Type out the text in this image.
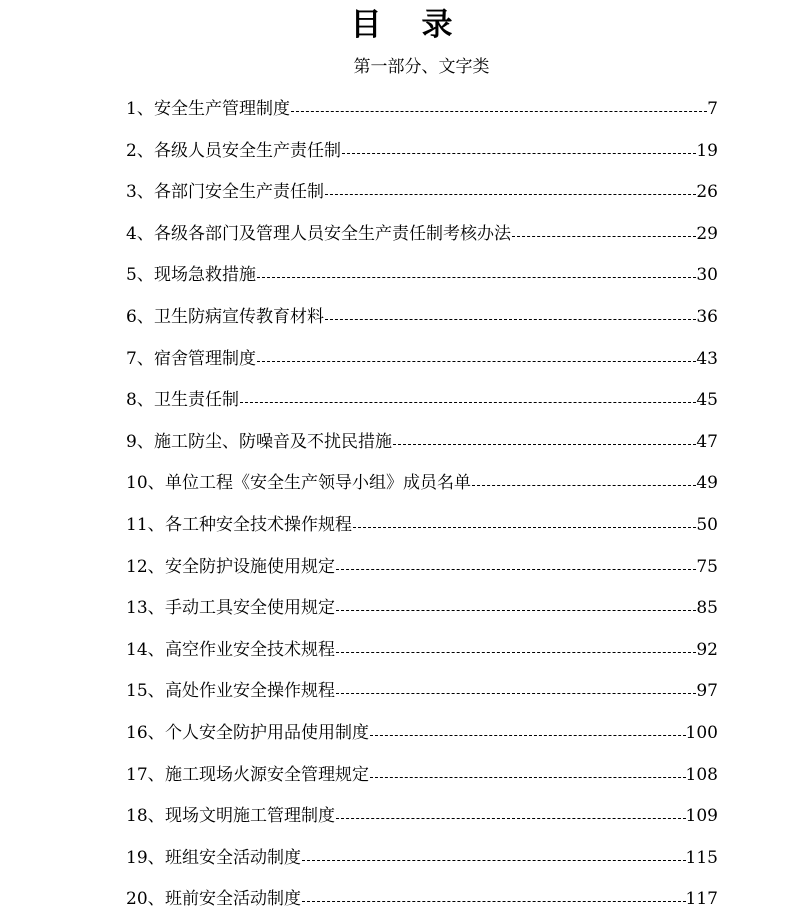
目录
第一部分、文字类
1、 安全生产管理制度	7
2、 各级人员安全生产责任制	19
3、 各部门安全生产责任制	26
4、 各级各部门及管理人员安全生产责任制考核办法	29
5、 现场急救措施	30
6、 卫生防病宣传教育材料	36
7、 宿舍管理制度	43
8、 卫生责任制	45
9、 施工防尘、防噪音及不扰民措施	47
10、 单位工程《安全生产领导小组》成员名单	49
11、 各工种安全技术操作规程	50
12、 安全防护设施使用规定	75
13、 手动工具安全使用规定	85
14、 高空作业安全技术规程	92
15、 高处作业安全操作规程	97
16、 个人安全防护用品使用制度	100
17、 施工现场火源安全管理规定	108
18、 现场文明施工管理制度	109
19、 班组安全活动制度	115
20、 班前安全活动制度	117
